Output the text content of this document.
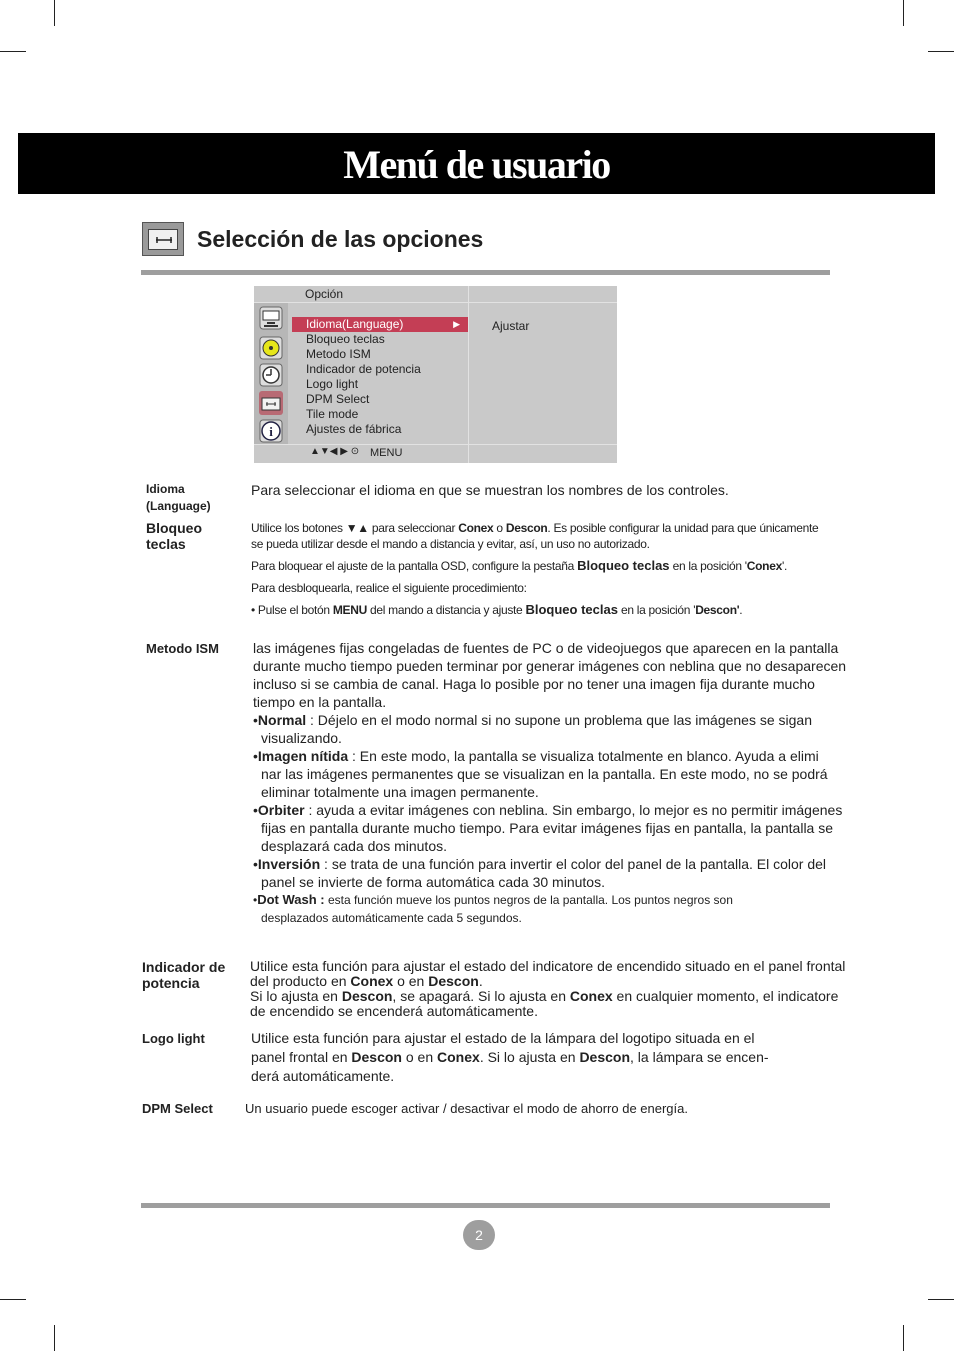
Menú de usuario
Selección de las opciones
Opción
i
Idioma(Language)	▶
Bloqueo teclas
Metodo ISM
Indicador de potencia
Logo light
DPM Select
Tile mode
Ajustes de fábrica
▲▼◀ ▶ ⊙ MENU
Ajustar
Idioma
(Language)
Para seleccionar el idioma en que se muestran los nombres de los controles.
Bloqueo
teclas
Utilice los botones ▼▲ para seleccionar Conex o Descon. Es posible configurar la unidad para que únicamente
se pueda utilizar desde el mando a distancia y evitar, así, un uso no autorizado.
Para bloquear el ajuste de la pantalla OSD, configure la pestaña Bloqueo teclas en la posición 'Conex'.
Para desbloquearla, realice el siguiente procedimiento:
• Pulse el botón MENU del mando a distancia y ajuste Bloqueo teclas en la posición 'Descon'.
Metodo ISM las imágenes fijas congeladas de fuentes de PC o de videojuegos que aparecen en la pantalla
durante mucho tiempo pueden terminar por generar imágenes con neblina que no desaparecen
incluso si se cambia de canal. Haga lo posible por no tener una imagen fija durante mucho
tiempo en la pantalla.
•Normal : Déjelo en el modo normal si no supone un problema que las imágenes se sigan
visualizando.
•Imagen nítida : En este modo, la pantalla se visualiza totalmente en blanco. Ayuda a elimi
nar las imágenes permanentes que se visualizan en la pantalla. En este modo, no se podrá
eliminar totalmente una imagen permanente.
•Orbiter : ayuda a evitar imágenes con neblina. Sin embargo, lo mejor es no permitir imágenes
fijas en pantalla durante mucho tiempo. Para evitar imágenes fijas en pantalla, la pantalla se
desplazará cada dos minutos.
•Inversión : se trata de una función para invertir el color del panel de la pantalla. El color del
panel se invierte de forma automática cada 30 minutos.
•Dot Wash : esta función mueve los puntos negros de la pantalla. Los puntos negros son
desplazados automáticamente cada 5 segundos.
Indicador de
potencia
Utilice esta función para ajustar el estado del indicatore de encendido situado en el panel frontal
del producto en Conex o en Descon.
Si lo ajusta en Descon, se apagará. Si lo ajusta en Conex en cualquier momento, el indicatore
de encendido se encenderá automáticamente.
Logo light	Utilice esta función para ajustar el estado de la lámpara del logotipo situada en el
panel frontal en Descon o en Conex. Si lo ajusta en Descon, la lámpara se encen-
derá automáticamente.
DPM Select Un usuario puede escoger activar / desactivar el modo de ahorro de energía.
2
